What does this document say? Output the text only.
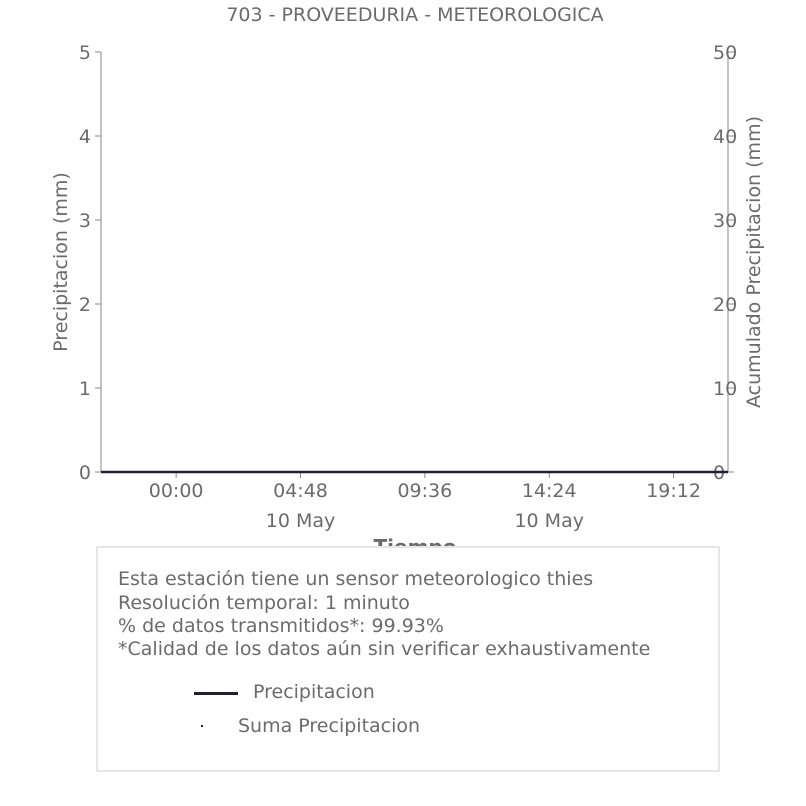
703 - PROVEEDURIA - METEOROLOGICA
0
1
2
3
4
5
0
10
20
30
40
50
00:00	04:48
10 May
09:36	14:24
10 May
19:12
Precipitacion (mm)	Acumulado Precipitacion (mm)
Esta estación tiene un sensor meteorologico thies
Resolución temporal: 1 minuto
% de datos transmitidos*: 99.93%
*Calidad de los datos aún sin verificar exhaustivamente
Precipitacion
Suma Precipitacion
